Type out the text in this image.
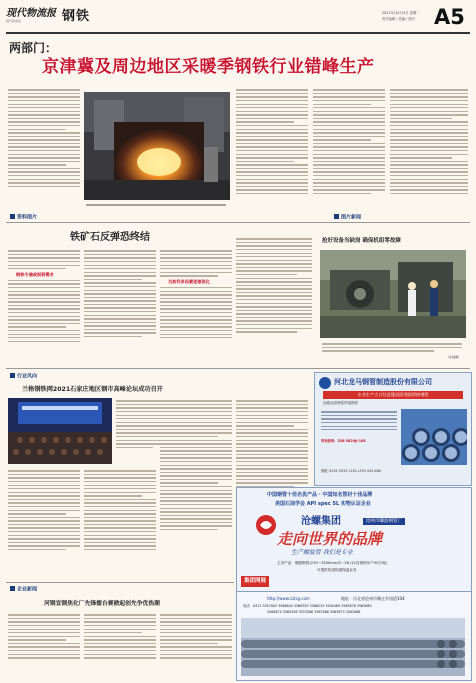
现代物流报
现代物流报 ·	钢铁	2021年10月19日 星期二
责任编辑 / 美编 / 校对 A5
两部门：
京津冀及周边地区采暖季钢铁行业错峰生产
资料图片	图片新闻
铁矿石反弹恐终结
钢铁冬储或削弱需求
当前利多因素逐渐淡化
抢好设备当缺岗 确保机组零故障
(朱瑞摄)
行业风向
兰格钢铁网2021石家庄地区钢市高峰论坛成功召开
河北龙马钢管制造股份有限公司
专业生产大口径直缝双面埋弧焊接钢管
直缝双面埋弧焊接钢管
咨询热线：328-2829JJ-108
钢级 Q235 Q345 L245-L555 X42-X80
中国钢管十佳名优产品 · 中国知名管材十佳品牌
美国石油学会 API spec 5L 实物认证企业
沧螺集团	沧州市螺旋钢管厂
走向世界的品牌
生产螺旋管 我们是专业
主导产品：螺旋钢管(219～3250mm/5～26 /12各规格年产50万吨)
可提供管道防腐保温业务
集团网展
企业新闻
河钢宣钢焦化厂先锋擂台赛掀起创先争优热潮
http://www.czlsg.com	地址：河北省沧州市顺庄乡国道104
电话：0317-3557003 3566844 3568355 3568234 3504489 3563676 3563680
3565674 3565358 3553286 3563586 3563873 3562068
